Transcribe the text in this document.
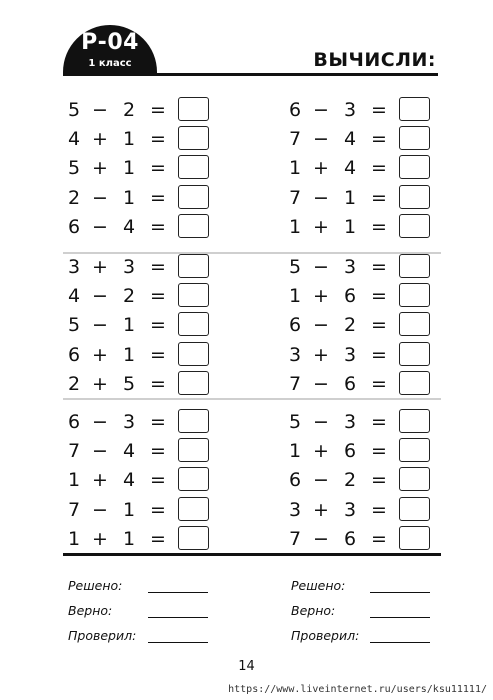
Р-04
1 класс	ВЫЧИСЛИ:
5 − 2 =
4 + 1 =
5 + 1 =
2 − 1 =
6 − 4 =
3 + 3 =
4 − 2 =
5 − 1 =
6 + 1 =
2 + 5 =
6 − 3 =
7 − 4 =
1 + 4 =
7 − 1 =
1 + 1 =
6 − 3 =
7 − 4 =
1 + 4 =
7 − 1 =
1 + 1 =
5 − 3 =
1 + 6 =
6 − 2 =
3 + 3 =
7 − 6 =
5 − 3 =
1 + 6 =
6 − 2 =
3 + 3 =
7 − 6 =
Решено:
Верно:
Проверил:
Решено:
Верно:
Проверил:
14
https://www.liveinternet.ru/users/ksu11111/
